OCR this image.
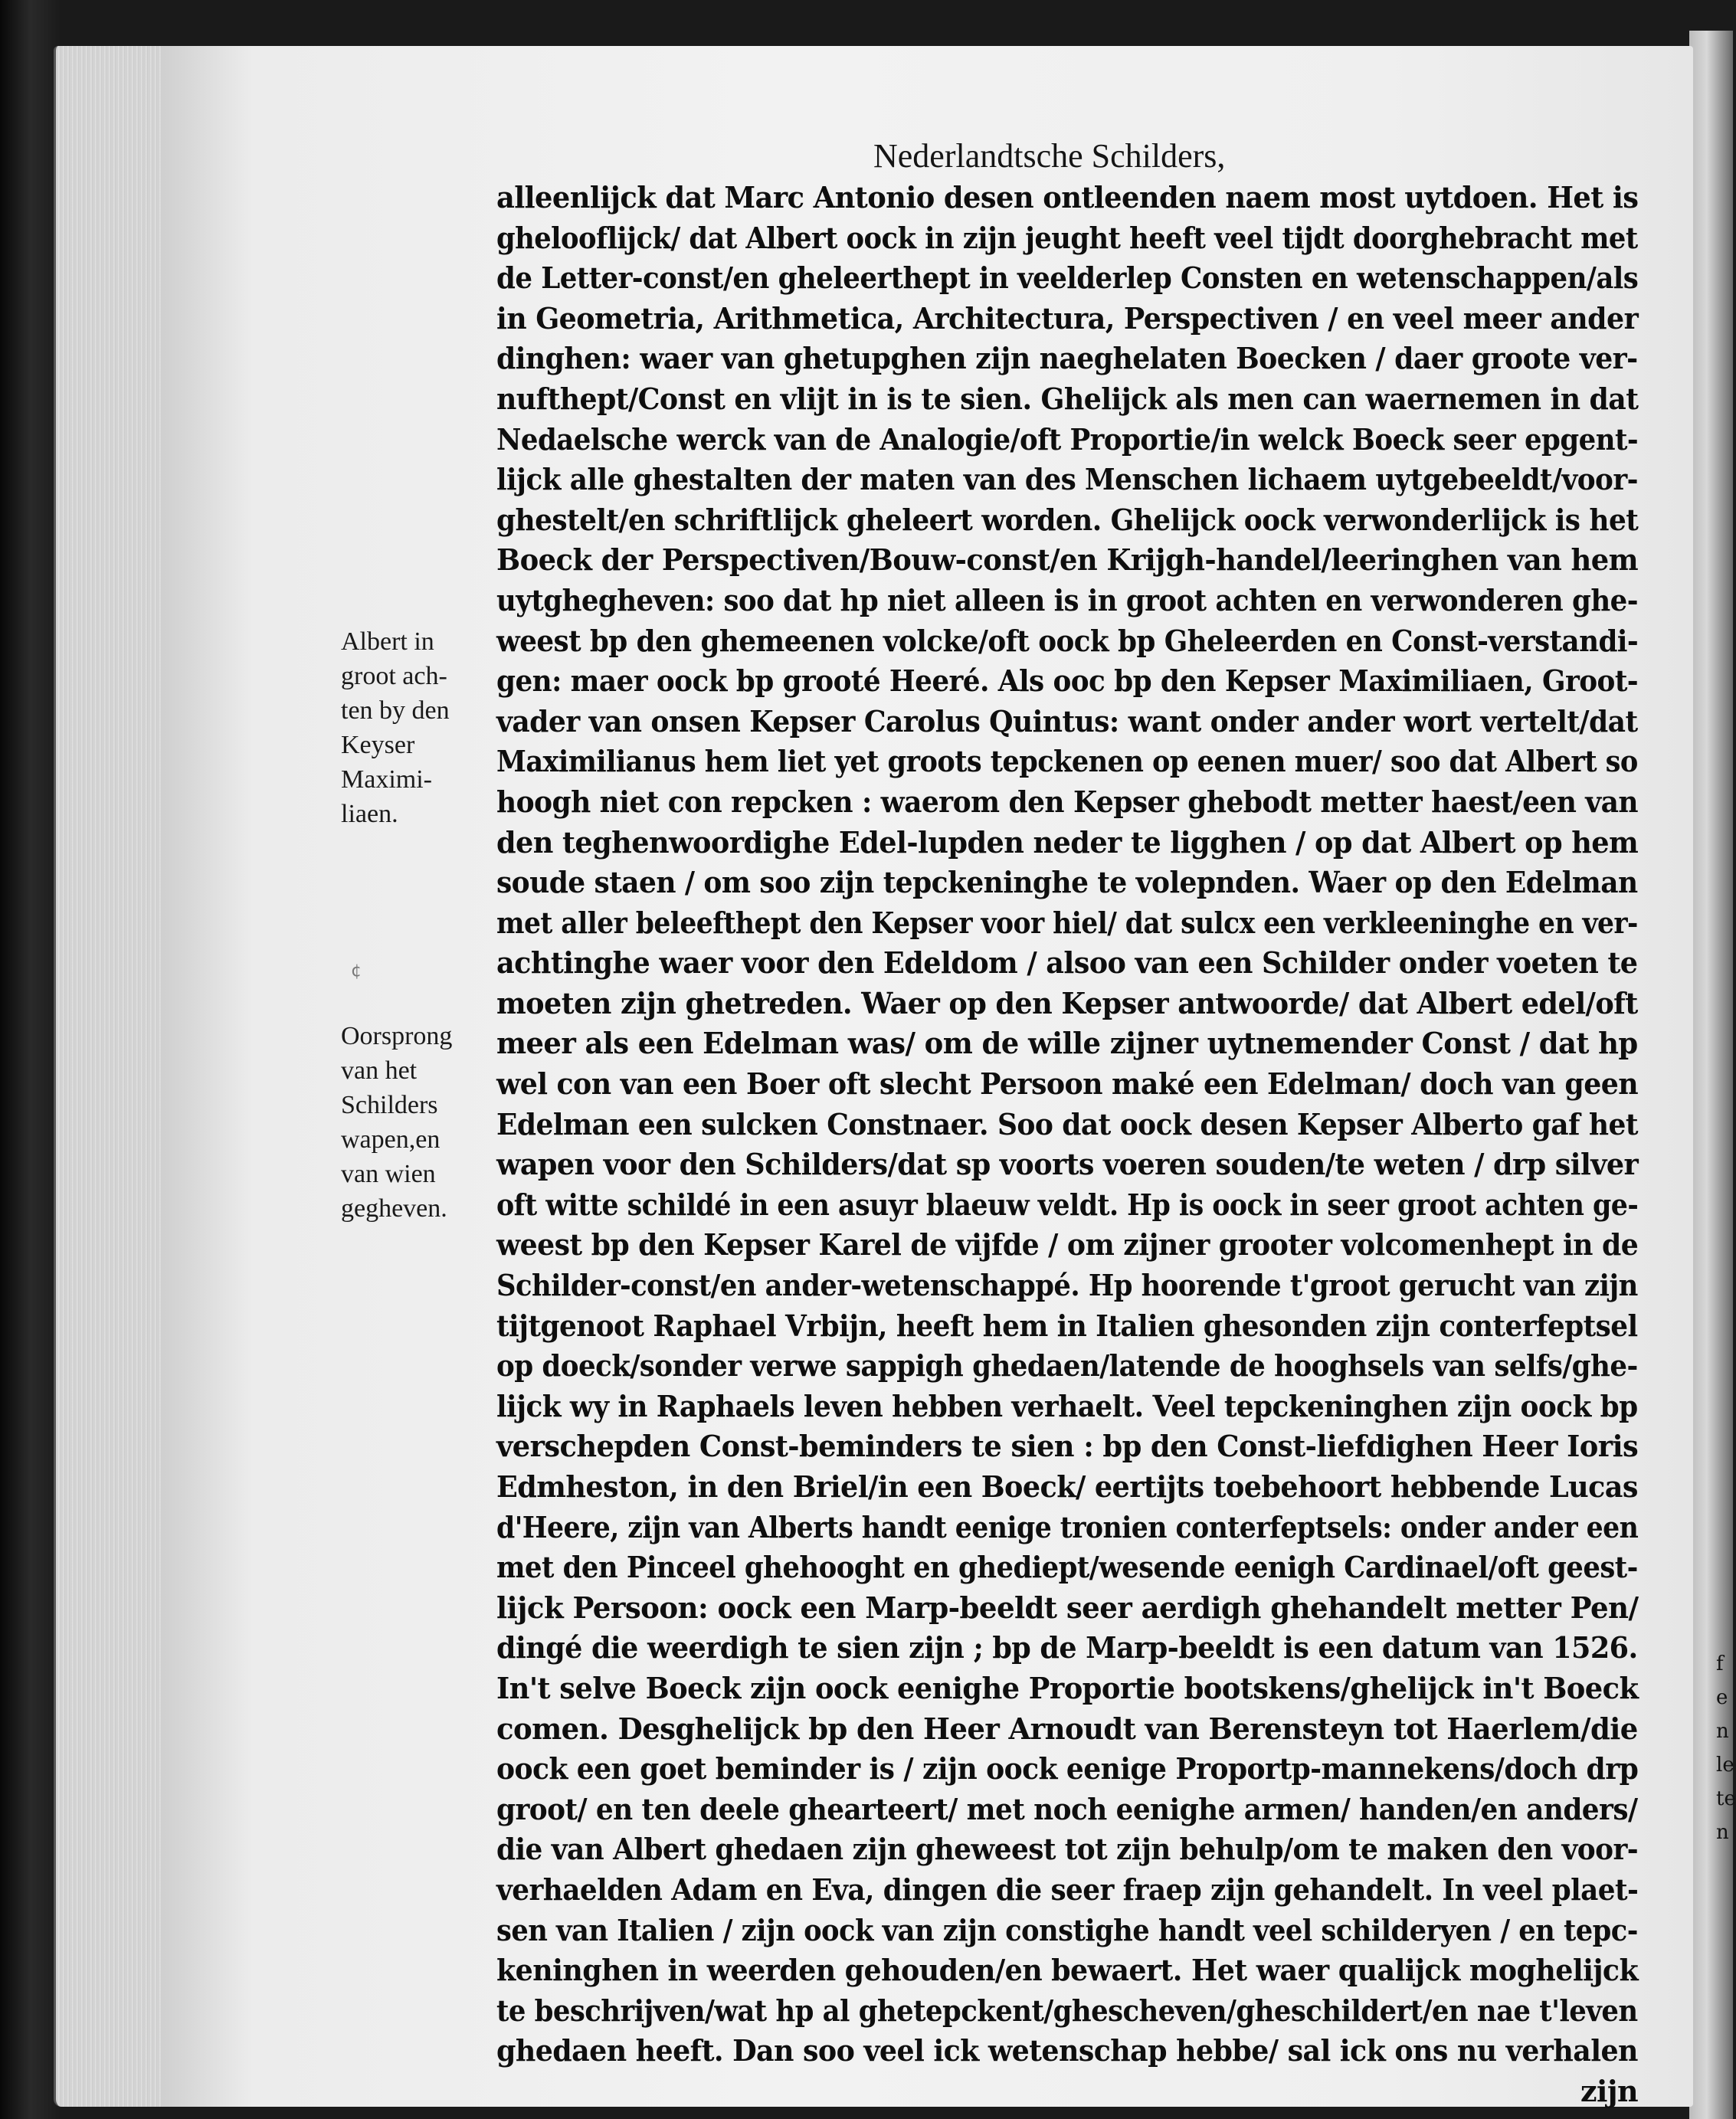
f
e
n
le
te
n
Nederlandtsche Schilders,
Albert in
groot ach-
ten by den
Keyser
Maximi-
liaen.
¢
Oorsprong
van het
Schilders
wapen,en
van wien
gegheven.
alleenlijck dat Marc Antonio desen ontleenden naem most uytdoen. Het is
ghelooflijck/ dat Albert oock in zijn jeught heeft veel tijdt doorghebracht met
de Letter-const/en gheleerthept in veelderlep Consten en wetenschappen/als
in Geometria, Arithmetica, Architectura, Perspectiven / en veel meer ander
dinghen: waer van ghetupghen zijn naeghelaten Boecken / daer groote ver-
nufthept/Const en vlijt in is te sien. Ghelijck als men can waernemen in dat
Nedaelsche werck van de Analogie/oft Proportie/in welck Boeck seer epgent-
lijck alle ghestalten der maten van des Menschen lichaem uytgebeeldt/voor-
ghestelt/en schriftlijck gheleert worden. Ghelijck oock verwonderlijck is het
Boeck der Perspectiven/Bouw-const/en Krijgh-handel/leeringhen van hem
uytghegheven: soo dat hp niet alleen is in groot achten en verwonderen ghe-
weest bp den ghemeenen volcke/oft oock bp Gheleerden en Const-verstandi-
gen: maer oock bp grooté Heeré. Als ooc bp den Kepser Maximiliaen, Groot-
vader van onsen Kepser Carolus Quintus: want onder ander wort vertelt/dat
Maximilianus hem liet yet groots tepckenen op eenen muer/ soo dat Albert so
hoogh niet con repcken : waerom den Kepser ghebodt metter haest/een van
den teghenwoordighe Edel-lupden neder te ligghen / op dat Albert op hem
soude staen / om soo zijn tepckeninghe te volepnden. Waer op den Edelman
met aller beleefthept den Kepser voor hiel/ dat sulcx een verkleeninghe en ver-
achtinghe waer voor den Edeldom / alsoo van een Schilder onder voeten te
moeten zijn ghetreden. Waer op den Kepser antwoorde/ dat Albert edel/oft
meer als een Edelman was/ om de wille zijner uytnemender Const / dat hp
wel con van een Boer oft slecht Persoon maké een Edelman/ doch van geen
Edelman een sulcken Constnaer. Soo dat oock desen Kepser Alberto gaf het
wapen voor den Schilders/dat sp voorts voeren souden/te weten / drp silver
oft witte schildé in een asuyr blaeuw veldt. Hp is oock in seer groot achten ge-
weest bp den Kepser Karel de vijfde / om zijner grooter volcomenhept in de
Schilder-const/en ander-wetenschappé. Hp hoorende t'groot gerucht van zijn
tijtgenoot Raphael Vrbijn, heeft hem in Italien ghesonden zijn conterfeptsel
op doeck/sonder verwe sappigh ghedaen/latende de hooghsels van selfs/ghe-
lijck wy in Raphaels leven hebben verhaelt. Veel tepckeninghen zijn oock bp
verschepden Const-beminders te sien : bp den Const-liefdighen Heer Ioris
Edmheston, in den Briel/in een Boeck/ eertijts toebehoort hebbende Lucas
d'Heere, zijn van Alberts handt eenige tronien conterfeptsels: onder ander een
met den Pinceel ghehooght en ghediept/wesende eenigh Cardinael/oft geest-
lijck Persoon: oock een Marp-beeldt seer aerdigh ghehandelt metter Pen/
dingé die weerdigh te sien zijn ; bp de Marp-beeldt is een datum van 1526.
In't selve Boeck zijn oock eenighe Proportie bootskens/ghelijck in't Boeck
comen. Desghelijck bp den Heer Arnoudt van Berensteyn tot Haerlem/die
oock een goet beminder is / zijn oock eenige Proportp-mannekens/doch drp
groot/ en ten deele ghearteert/ met noch eenighe armen/ handen/en anders/
die van Albert ghedaen zijn gheweest tot zijn behulp/om te maken den voor-
verhaelden Adam en Eva, dingen die seer fraep zijn gehandelt. In veel plaet-
sen van Italien / zijn oock van zijn constighe handt veel schilderyen / en tepc-
keninghen in weerden gehouden/en bewaert. Het waer qualijck moghelijck
te beschrijven/wat hp al ghetepckent/ghescheven/gheschildert/en nae t'leven
ghedaen heeft. Dan soo veel ick wetenschap hebbe/ sal ick ons nu verhalen
zijn
